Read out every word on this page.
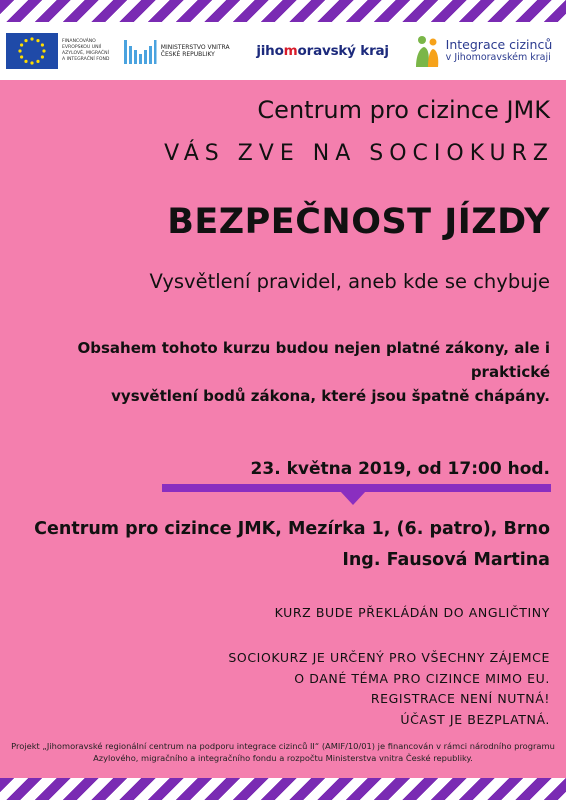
FINANCOVÁNO
EVROPSKOU UNIÍ
AZYLOVÉ, MIGRAČNÍ
A INTEGRAČNÍ FOND
MINISTERSTVO VNITRA
ČESKÉ REPUBLIKY	jihomoravský kraj	Integrace cizinců
v Jihomoravském kraji
Centrum pro cizince JMK
VÁS ZVE NA SOCIOKURZ
BEZPEČNOST JÍZDY
Vysvětlení pravidel, aneb kde se chybuje
Obsahem tohoto kurzu budou nejen platné zákony, ale i praktické
vysvětlení bodů zákona, které jsou špatně chápány.
23. května 2019, od 17:00 hod.
Centrum pro cizince JMK, Mezírka 1, (6. patro), Brno
Ing. Fausová Martina
KURZ BUDE PŘEKLÁDÁN DO ANGLIČTINY
SOCIOKURZ JE URČENÝ PRO VŠECHNY ZÁJEMCE
O DANÉ TÉMA PRO CIZINCE MIMO EU.
REGISTRACE NENÍ NUTNÁ!
ÚČAST JE BEZPLATNÁ.
Projekt „Jihomoravské regionální centrum na podporu integrace cizinců II“ (AMIF/10/01) je financován v rámci národního programu
Azylového, migračního a integračního fondu a rozpočtu Ministerstva vnitra České republiky.
